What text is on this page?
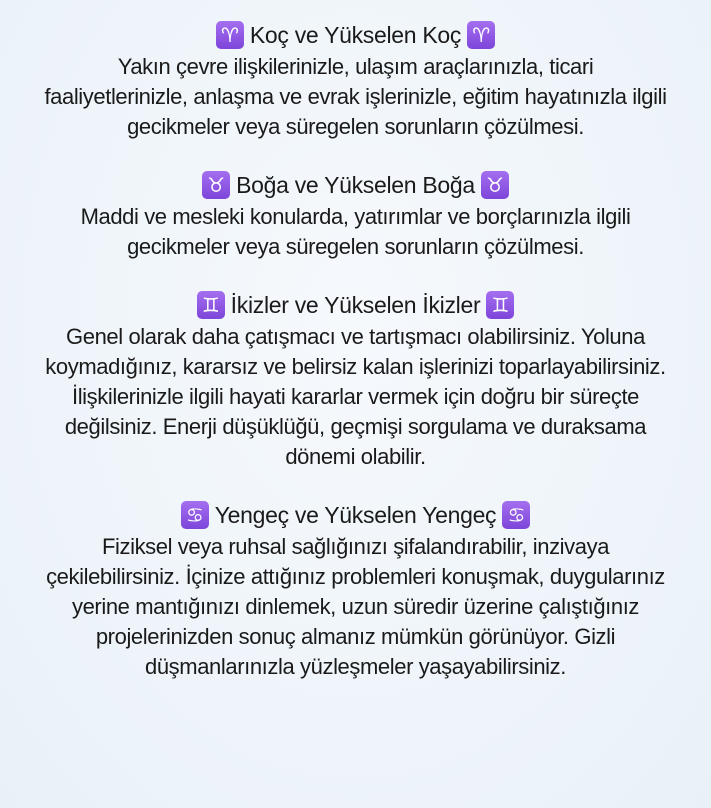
♈ Koç ve Yükselen Koç ♈
Yakın çevre ilişkilerinizle, ulaşım araçlarınızla, ticari
faaliyetlerinizle, anlaşma ve evrak işlerinizle, eğitim hayatınızla ilgili
gecikmeler veya süregelen sorunların çözülmesi.
♉ Boğa ve Yükselen Boğa ♉
Maddi ve mesleki konularda, yatırımlar ve borçlarınızla ilgili
gecikmeler veya süregelen sorunların çözülmesi.
♊ İkizler ve Yükselen İkizler ♊
Genel olarak daha çatışmacı ve tartışmacı olabilirsiniz. Yoluna
koymadığınız, kararsız ve belirsiz kalan işlerinizi toparlayabilirsiniz.
İlişkilerinizle ilgili hayati kararlar vermek için doğru bir süreçte
değilsiniz. Enerji düşüklüğü, geçmişi sorgulama ve duraksama
dönemi olabilir.
♋ Yengeç ve Yükselen Yengeç ♋
Fiziksel veya ruhsal sağlığınızı şifalandırabilir, inzivaya
çekilebilirsiniz. İçinize attığınız problemleri konuşmak, duygularınız
yerine mantığınızı dinlemek, uzun süredir üzerine çalıştığınız
projelerinizden sonuç almanız mümkün görünüyor. Gizli
düşmanlarınızla yüzleşmeler yaşayabilirsiniz.
